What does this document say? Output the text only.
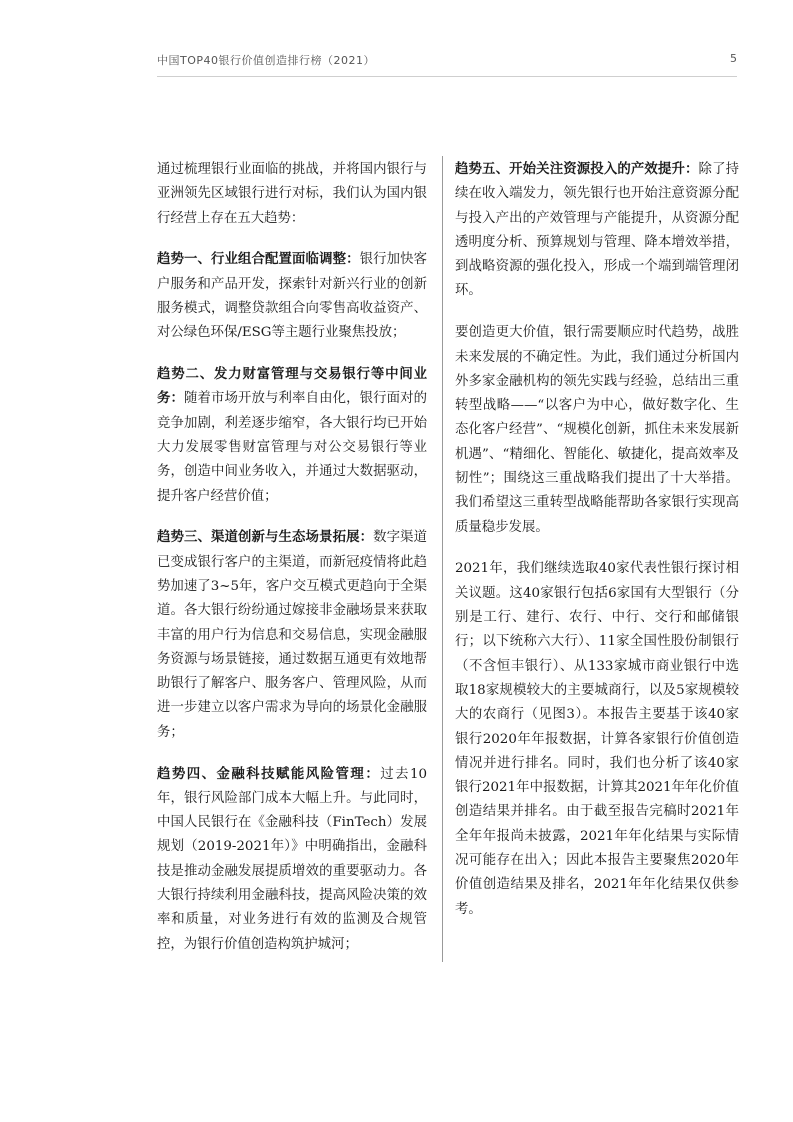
中国TOP40银行价值创造排行榜（2021）	5

通过梳理银行业面临的挑战，并将国内银行与亚洲领先区域银行进行对标，我们认为国内银行经营上存在五大趋势：

趋势一、行业组合配置面临调整：银行加快客户服务和产品开发，探索针对新兴行业的创新服务模式，调整贷款组合向零售高收益资产、对公绿色环保/ESG等主题行业聚焦投放；

趋势二、发力财富管理与交易银行等中间业务：随着市场开放与利率自由化，银行面对的竞争加剧，利差逐步缩窄，各大银行均已开始大力发展零售财富管理与对公交易银行等业务，创造中间业务收入，并通过大数据驱动，提升客户经营价值；

趋势三、渠道创新与生态场景拓展：数字渠道已变成银行客户的主渠道，而新冠疫情将此趋势加速了3~5年，客户交互模式更趋向于全渠道。各大银行纷纷通过嫁接非金融场景来获取丰富的用户行为信息和交易信息，实现金融服务资源与场景链接，通过数据互通更有效地帮助银行了解客户、服务客户、管理风险，从而进一步建立以客户需求为导向的场景化金融服务；

趋势四、金融科技赋能风险管理：过去10年，银行风险部门成本大幅上升。与此同时，中国人民银行在《金融科技（FinTech）发展规划（2019-2021年）》中明确指出，金融科技是推动金融发展提质增效的重要驱动力。各大银行持续利用金融科技，提高风险决策的效率和质量，对业务进行有效的监测及合规管控，为银行价值创造构筑护城河；

趋势五、开始关注资源投入的产效提升：除了持续在收入端发力，领先银行也开始注意资源分配与投入产出的产效管理与产能提升，从资源分配透明度分析、预算规划与管理、降本增效举措，到战略资源的强化投入，形成一个端到端管理闭环。

要创造更大价值，银行需要顺应时代趋势，战胜未来发展的不确定性。为此，我们通过分析国内外多家金融机构的领先实践与经验，总结出三重转型战略——“以客户为中心，做好数字化、生态化客户经营”、“规模化创新，抓住未来发展新机遇”、“精细化、智能化、敏捷化，提高效率及韧性”；围绕这三重战略我们提出了十大举措。我们希望这三重转型战略能帮助各家银行实现高质量稳步发展。

2021年，我们继续选取40家代表性银行探讨相关议题。这40家银行包括6家国有大型银行（分别是工行、建行、农行、中行、交行和邮储银行；以下统称六大行）、11家全国性股份制银行（不含恒丰银行）、从133家城市商业银行中选取18家规模较大的主要城商行，以及5家规模较大的农商行（见图3）。本报告主要基于该40家银行2020年年报数据，计算各家银行价值创造情况并进行排名。同时，我们也分析了该40家银行2021年中报数据，计算其2021年年化价值创造结果并排名。由于截至报告完稿时2021年全年年报尚未披露，2021年年化结果与实际情况可能存在出入；因此本报告主要聚焦2020年价值创造结果及排名，2021年年化结果仅供参考。
